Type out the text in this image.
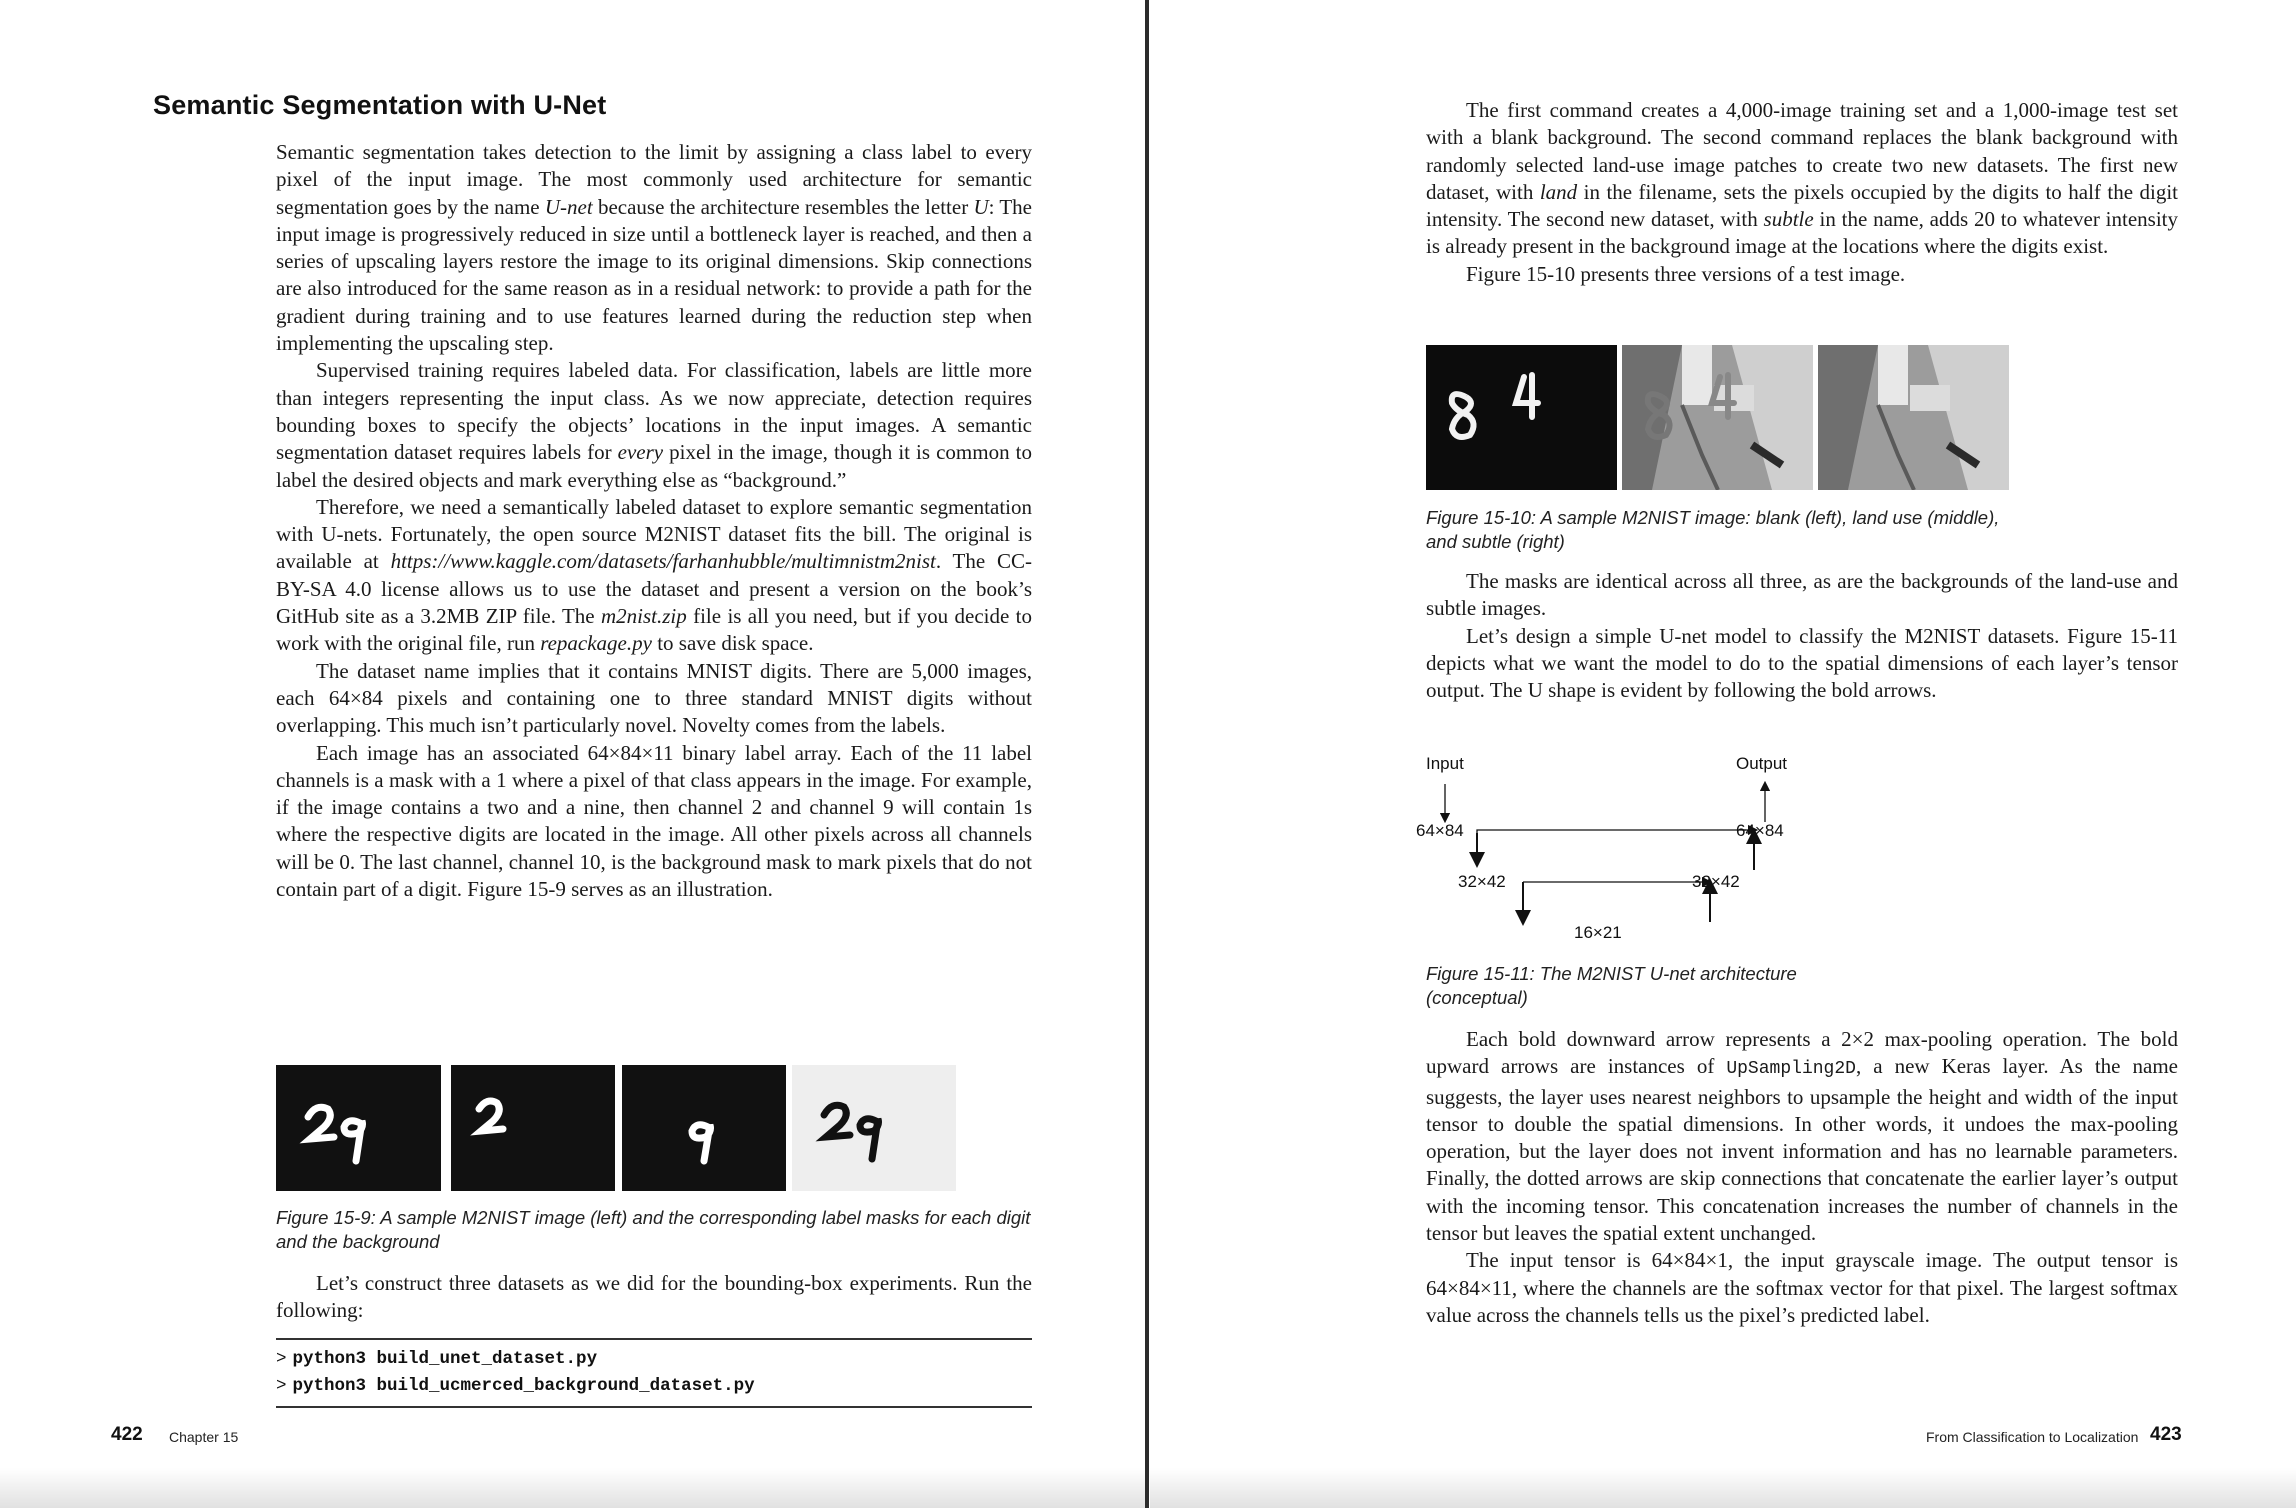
Semantic Segmentation with U-Net

Semantic segmentation takes detection to the limit by assigning a class label to every pixel of the input image. The most commonly used architecture for semantic segmentation goes by the name U-net because the architecture resembles the letter U: The input image is progressively reduced in size until a bottleneck layer is reached, and then a series of upscaling layers restore the image to its original dimensions. Skip connections are also introduced for the same reason as in a residual network: to provide a path for the gradient during training and to use features learned during the reduction step when implementing the upscaling step.

Supervised training requires labeled data. For classification, labels are little more than integers representing the input class. As we now appreciate, detection requires bounding boxes to specify the objects’ locations in the input images. A semantic segmentation dataset requires labels for every pixel in the image, though it is common to label the desired objects and mark everything else as “background.”

Therefore, we need a semantically labeled dataset to explore semantic segmentation with U-nets. Fortunately, the open source M2NIST dataset fits the bill. The original is available at https://www.kaggle.com/datasets/farhanhubble/multimnistm2nist. The CC-BY-SA 4.0 license allows us to use the dataset and present a version on the book’s GitHub site as a 3.2MB ZIP file. The m2nist.zip file is all you need, but if you decide to work with the original file, run repackage.py to save disk space.

The dataset name implies that it contains MNIST digits. There are 5,000 images, each 64×84 pixels and containing one to three standard MNIST digits without overlapping. This much isn’t particularly novel. Novelty comes from the labels.

Each image has an associated 64×84×11 binary label array. Each of the 11 label channels is a mask with a 1 where a pixel of that class appears in the image. For example, if the image contains a two and a nine, then channel 2 and channel 9 will contain 1s where the respective digits are located in the image. All other pixels across all channels will be 0. The last channel, channel 10, is the background mask to mark pixels that do not contain part of a digit. Figure 15-9 serves as an illustration.

Figure 15-9: A sample M2NIST image (left) and the corresponding label masks for each digit and the background

Let’s construct three datasets as we did for the bounding-box experiments. Run the following:

> python3 build_unet_dataset.py
> python3 build_ucmerced_background_dataset.py
422 Chapter 15

The first command creates a 4,000-image training set and a 1,000-image test set with a blank background. The second command replaces the blank background with randomly selected land-use image patches to create two new datasets. The first new dataset, with land in the filename, sets the pixels occupied by the digits to half the digit intensity. The second new dataset, with subtle in the name, adds 20 to whatever intensity is already present in the background image at the locations where the digits exist.

Figure 15-10 presents three versions of a test image.

Figure 15-10: A sample M2NIST image: blank (left), land use (middle),
and subtle (right)

The masks are identical across all three, as are the backgrounds of the land-use and subtle images.

Let’s design a simple U-net model to classify the M2NIST datasets. Figure 15-11 depicts what we want the model to do to the spatial dimensions of each layer’s tensor output. The U shape is evident by following the bold arrows.

Input	Output
64×84	64×84
32×42	32×42
16×21
Figure 15-11: The M2NIST U-net architecture
(conceptual)

Each bold downward arrow represents a 2×2 max-pooling operation. The bold upward arrows are instances of UpSampling2D, a new Keras layer. As the name suggests, the layer uses nearest neighbors to upsample the height and width of the input tensor to double the spatial dimensions. In other words, it undoes the max-pooling operation, but the layer does not invent information and has no learnable parameters. Finally, the dotted arrows are skip connections that concatenate the earlier layer’s output with the incoming tensor. This concatenation increases the number of channels in the tensor but leaves the spatial extent unchanged.

The input tensor is 64×84×1, the input grayscale image. The output tensor is 64×84×11, where the channels are the softmax vector for that pixel. The largest softmax value across the channels tells us the pixel’s predicted label.

From Classification to Localization 423
